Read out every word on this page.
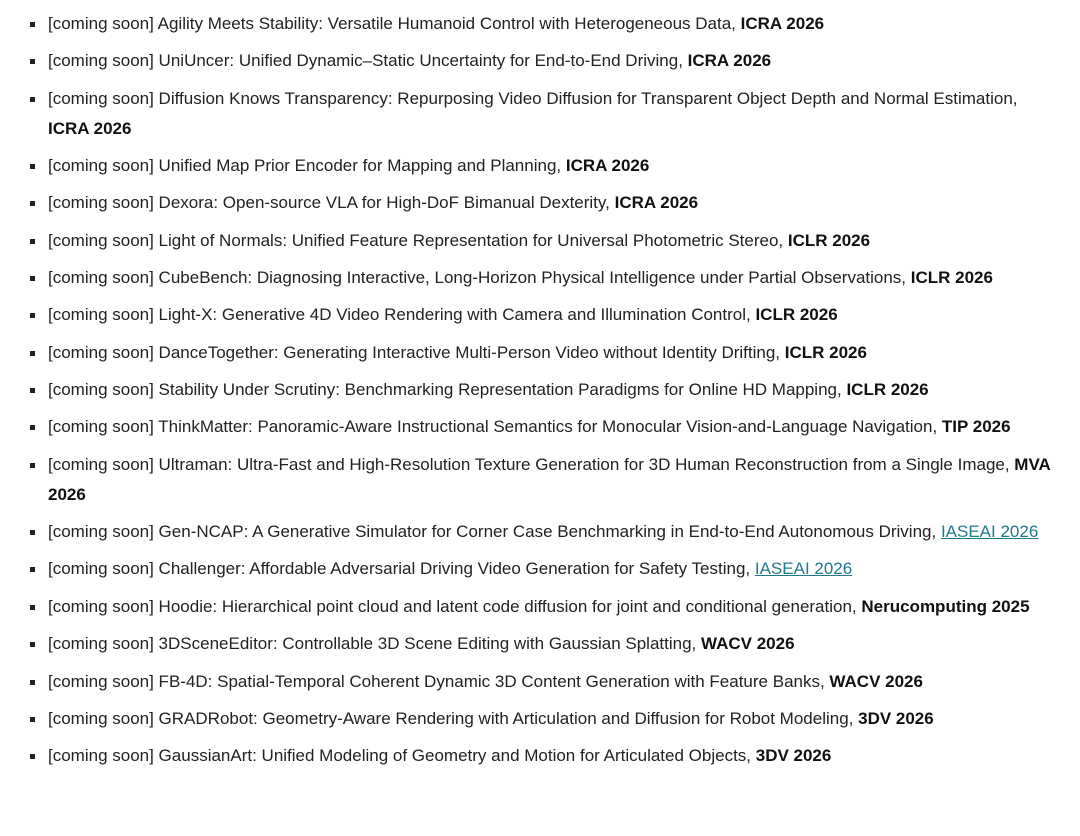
[coming soon] Agility Meets Stability: Versatile Humanoid Control with Heterogeneous Data, ICRA 2026
[coming soon] UniUncer: Unified Dynamic–Static Uncertainty for End-to-End Driving, ICRA 2026
[coming soon] Diffusion Knows Transparency: Repurposing Video Diffusion for Transparent Object Depth and Normal Estimation, ICRA 2026
[coming soon] Unified Map Prior Encoder for Mapping and Planning, ICRA 2026
[coming soon] Dexora: Open-source VLA for High-DoF Bimanual Dexterity, ICRA 2026
[coming soon] Light of Normals: Unified Feature Representation for Universal Photometric Stereo, ICLR 2026
[coming soon] CubeBench: Diagnosing Interactive, Long-Horizon Physical Intelligence under Partial Observations, ICLR 2026
[coming soon] Light-X: Generative 4D Video Rendering with Camera and Illumination Control, ICLR 2026
[coming soon] DanceTogether: Generating Interactive Multi-Person Video without Identity Drifting, ICLR 2026
[coming soon] Stability Under Scrutiny: Benchmarking Representation Paradigms for Online HD Mapping, ICLR 2026
[coming soon] ThinkMatter: Panoramic-Aware Instructional Semantics for Monocular Vision-and-Language Navigation, TIP 2026
[coming soon] Ultraman: Ultra-Fast and High-Resolution Texture Generation for 3D Human Reconstruction from a Single Image, MVA 2026
[coming soon] Gen-NCAP: A Generative Simulator for Corner Case Benchmarking in End-to-End Autonomous Driving, IASEAI 2026
[coming soon] Challenger: Affordable Adversarial Driving Video Generation for Safety Testing, IASEAI 2026
[coming soon] Hoodie: Hierarchical point cloud and latent code diffusion for joint and conditional generation, Nerucomputing 2025
[coming soon] 3DSceneEditor: Controllable 3D Scene Editing with Gaussian Splatting, WACV 2026
[coming soon] FB-4D: Spatial-Temporal Coherent Dynamic 3D Content Generation with Feature Banks, WACV 2026
[coming soon] GRADRobot: Geometry-Aware Rendering with Articulation and Diffusion for Robot Modeling, 3DV 2026
[coming soon] GaussianArt: Unified Modeling of Geometry and Motion for Articulated Objects, 3DV 2026
